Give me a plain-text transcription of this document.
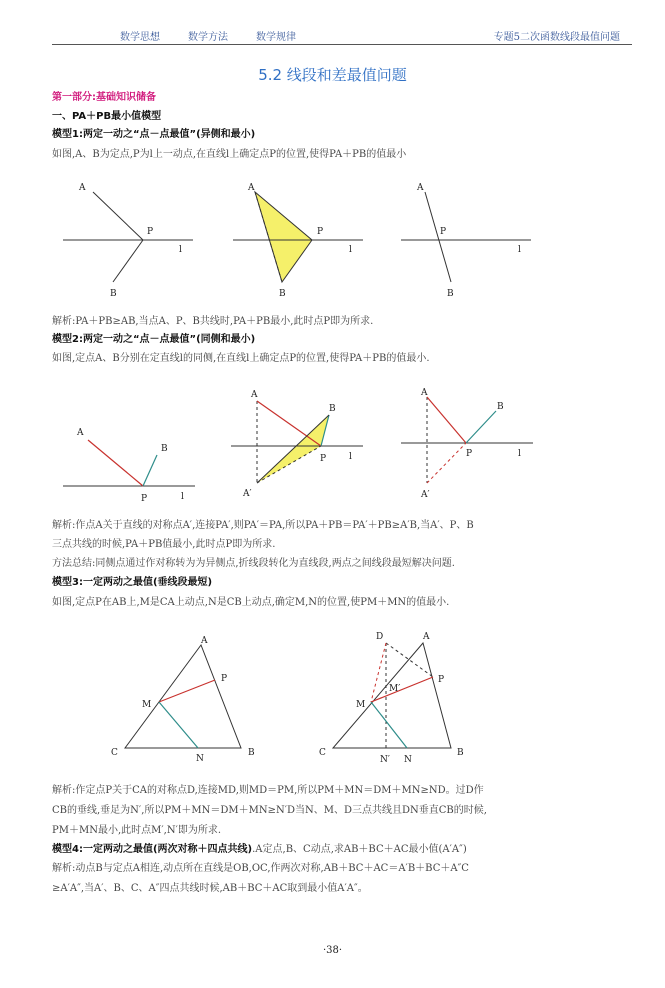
数学思想	数学方法	数学规律	专题5二次函数线段最值问题
5.2 线段和差最值问题
第一部分:基础知识储备
一、PA＋PB最小值模型
模型1:两定一动之“点－点最值”(异侧和最小)
如图,A、B为定点,P为l上一动点,在直线l上确定点P的位置,使得PA＋PB的值最小
A
P
l
B
A
P
l
B
A
P
l
B
解析:PA＋PB≥AB,当点A、P、B共线时,PA＋PB最小,此时点P即为所求.
模型2:两定一动之“点－点最值”(同侧和最小)
如图,定点A、B分别在定直线l的同侧,在直线l上确定点P的位置,使得PA＋PB的值最小.
A
B
P	l
A
B
P	l
A′
A
B
P	l
A′
解析:作点A关于直线的对称点A′,连接PA′,则PA′＝PA,所以PA＋PB＝PA′＋PB≥A′B,当A′、P、B
三点共线的时候,PA＋PB值最小,此时点P即为所求.
方法总结:同侧点通过作对称转为为异侧点,折线段转化为直线段,两点之间线段最短解决问题.
模型3:一定两动之最值(垂线段最短)
如图,定点P在AB上,M是CA上动点,N是CB上动点,确定M,N的位置,使PM＋MN的值最小.
A
P
M
C
N
B
D	A
M′
P
M
C
N′ N
B
解析:作定点P关于CA的对称点D,连接MD,则MD＝PM,所以PM＋MN＝DM＋MN≥ND。过D作
CB的垂线,垂足为N′,所以PM＋MN＝DM＋MN≥N′D当N、M、D三点共线且DN垂直CB的时候,
PM＋MN最小,此时点M′,N′即为所求.
模型4:一定两动之最值(两次对称＋四点共线).A定点,B、C动点,求AB＋BC＋AC最小值(A′A″)
解析:动点B与定点A相连,动点所在直线是OB,OC,作两次对称,AB＋BC＋AC＝A′B＋BC＋A″C
≥A′A″,当A′、B、C、A″四点共线时候,AB＋BC＋AC取到最小值A′A″。
·38·
